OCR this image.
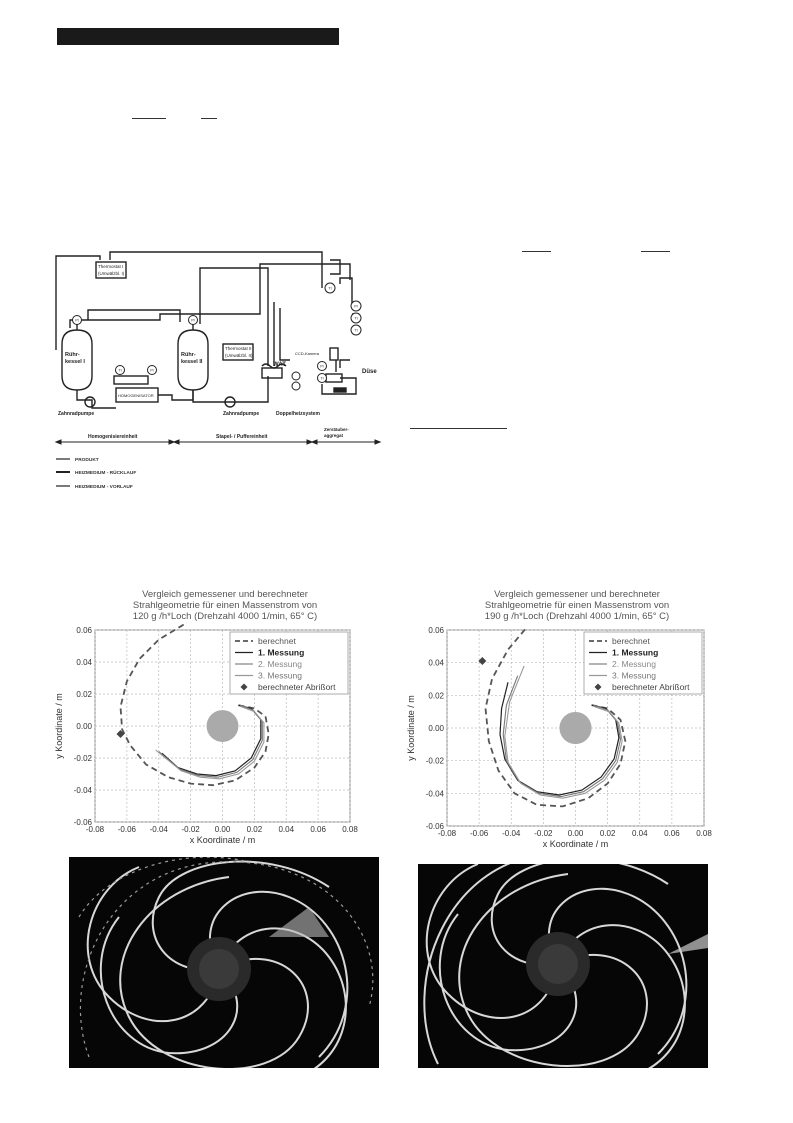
PI	PI
TI	PI
TI
PI
TI
TI
PI
TI
Thermostat I
(Umwälzbl. I)
Thermostat II
(Umwälzbl. II)
HOMOGENISATOR
CCD-Kamera
Rühr-
kessel I
Rühr-
kessel II	WAT
Düse
Zahnradpumpe	Zahnradpumpe	Doppelheizsystem
Homogenisiereinheit	Stapel- / Puffereinheit
Zerstäuber-
aggregat
PRODUKT
HEIZMEDIUM - RÜCKLAUF
HEIZMEDIUM - VORLAUF
Vergleich gemessener und berechneter
Strahlgeometrie für einen Massenstrom von
120 g /h*Loch (Drehzahl 4000 1/min, 65° C)
-0.08 -0.06 -0.04 -0.02 0.00 0.02 0.04 0.06 0.08
0.06
0.04
0.02
0.00
-0.02
-0.04
-0.06
x Koordinate / m
y Koordinate / m
berechnet
1. Messung
2. Messung
3. Messung
berechneter Abrißort
Vergleich gemessener und berechneter
Strahlgeometrie für einen Massenstrom von
190 g /h*Loch (Drehzahl 4000 1/min, 65° C)
-0.08 -0.06 -0.04 -0.02 0.00 0.02 0.04 0.06 0.08
0.06
0.04
0.02
0.00
-0.02
-0.04
-0.06
x Koordinate / m
y Koordinate / m
berechnet
1. Messung
2. Messung
3. Messung
berechneter Abrißort
